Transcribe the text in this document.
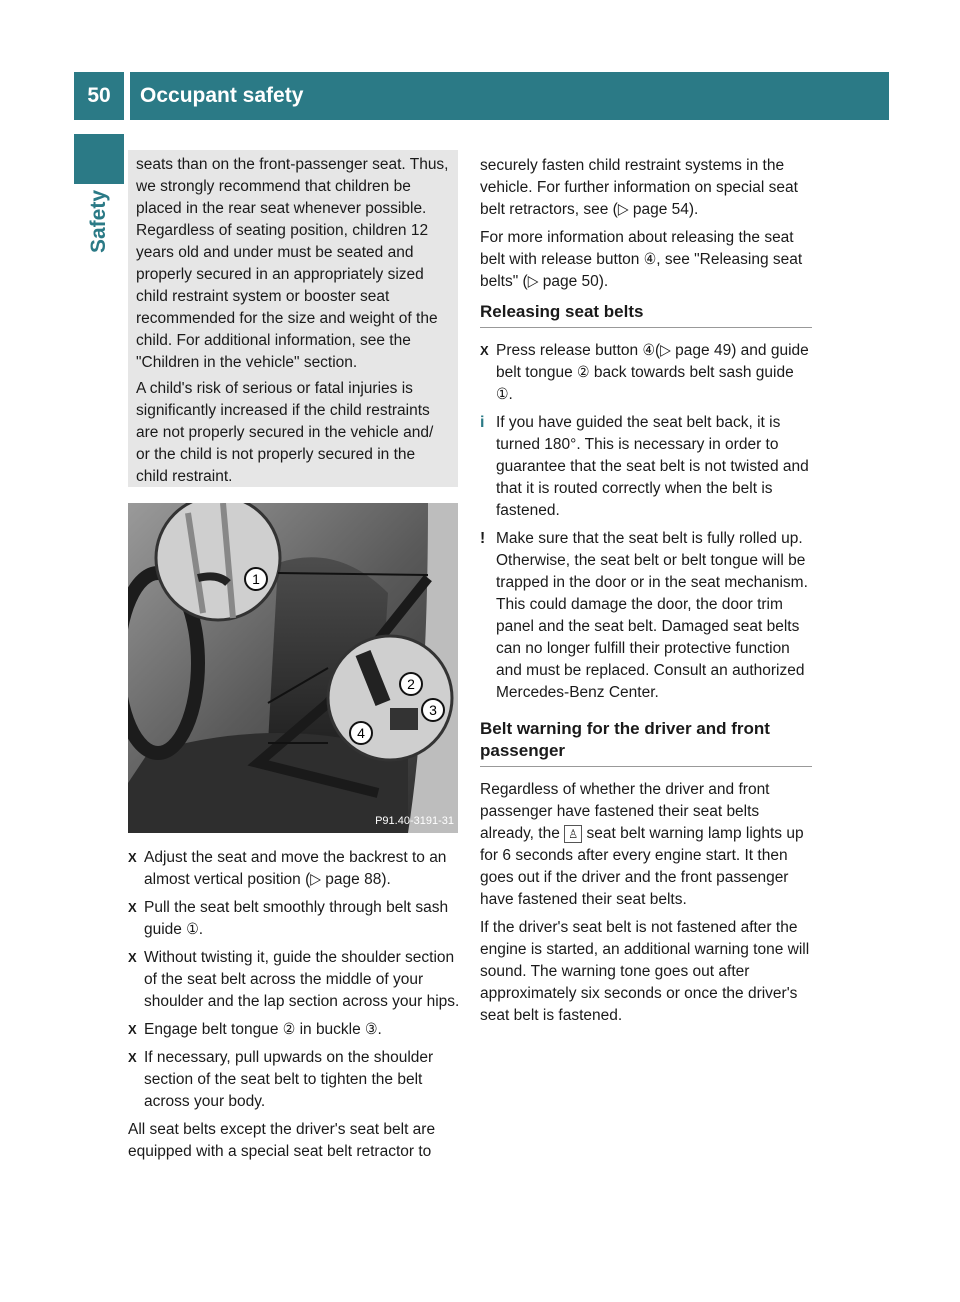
50	Occupant safety
Safety

seats than on the front-passenger seat. Thus, we strongly recommend that children be placed in the rear seat whenever possible. Regardless of seating position, children 12 years old and under must be seated and properly secured in an appropriately sized child restraint system or booster seat recommended for the size and weight of the child. For additional information, see the "Children in the vehicle" section.

A child's risk of serious or fatal injuries is significantly increased if the child restraints are not properly secured in the vehicle and/ or the child is not properly secured in the child restraint.

1
2
3
4
P91.40-3191-31
X Adjust the seat and move the backrest to an almost vertical position (▷ page 88).
X Pull the seat belt smoothly through belt sash guide ①.
X Without twisting it, guide the shoulder section of the seat belt across the middle of your shoulder and the lap section across your hips.
X Engage belt tongue ② in buckle ③.
X If necessary, pull upwards on the shoulder section of the seat belt to tighten the belt across your body.

All seat belts except the driver's seat belt are equipped with a special seat belt retractor to

securely fasten child restraint systems in the vehicle. For further information on special seat belt retractors, see (▷ page 54).

For more information about releasing the seat belt with release button ④, see "Releasing seat belts" (▷ page 50).

Releasing seat belts
X Press release button ④(▷ page 49) and guide belt tongue ② back towards belt sash guide ①.
i If you have guided the seat belt back, it is turned 180°. This is necessary in order to guarantee that the seat belt is not twisted and that it is routed correctly when the belt is fastened.
! Make sure that the seat belt is fully rolled up. Otherwise, the seat belt or belt tongue will be trapped in the door or in the seat mechanism. This could damage the door, the door trim panel and the seat belt. Damaged seat belts can no longer fulfill their protective function and must be replaced. Consult an authorized Mercedes-Benz Center.
Belt warning for the driver and front passenger

Regardless of whether the driver and front passenger have fastened their seat belts already, the ♙ seat belt warning lamp lights up for 6 seconds after every engine start. It then goes out if the driver and the front passenger have fastened their seat belts.

If the driver's seat belt is not fastened after the engine is started, an additional warning tone will sound. The warning tone goes out after approximately six seconds or once the driver's seat belt is fastened.
